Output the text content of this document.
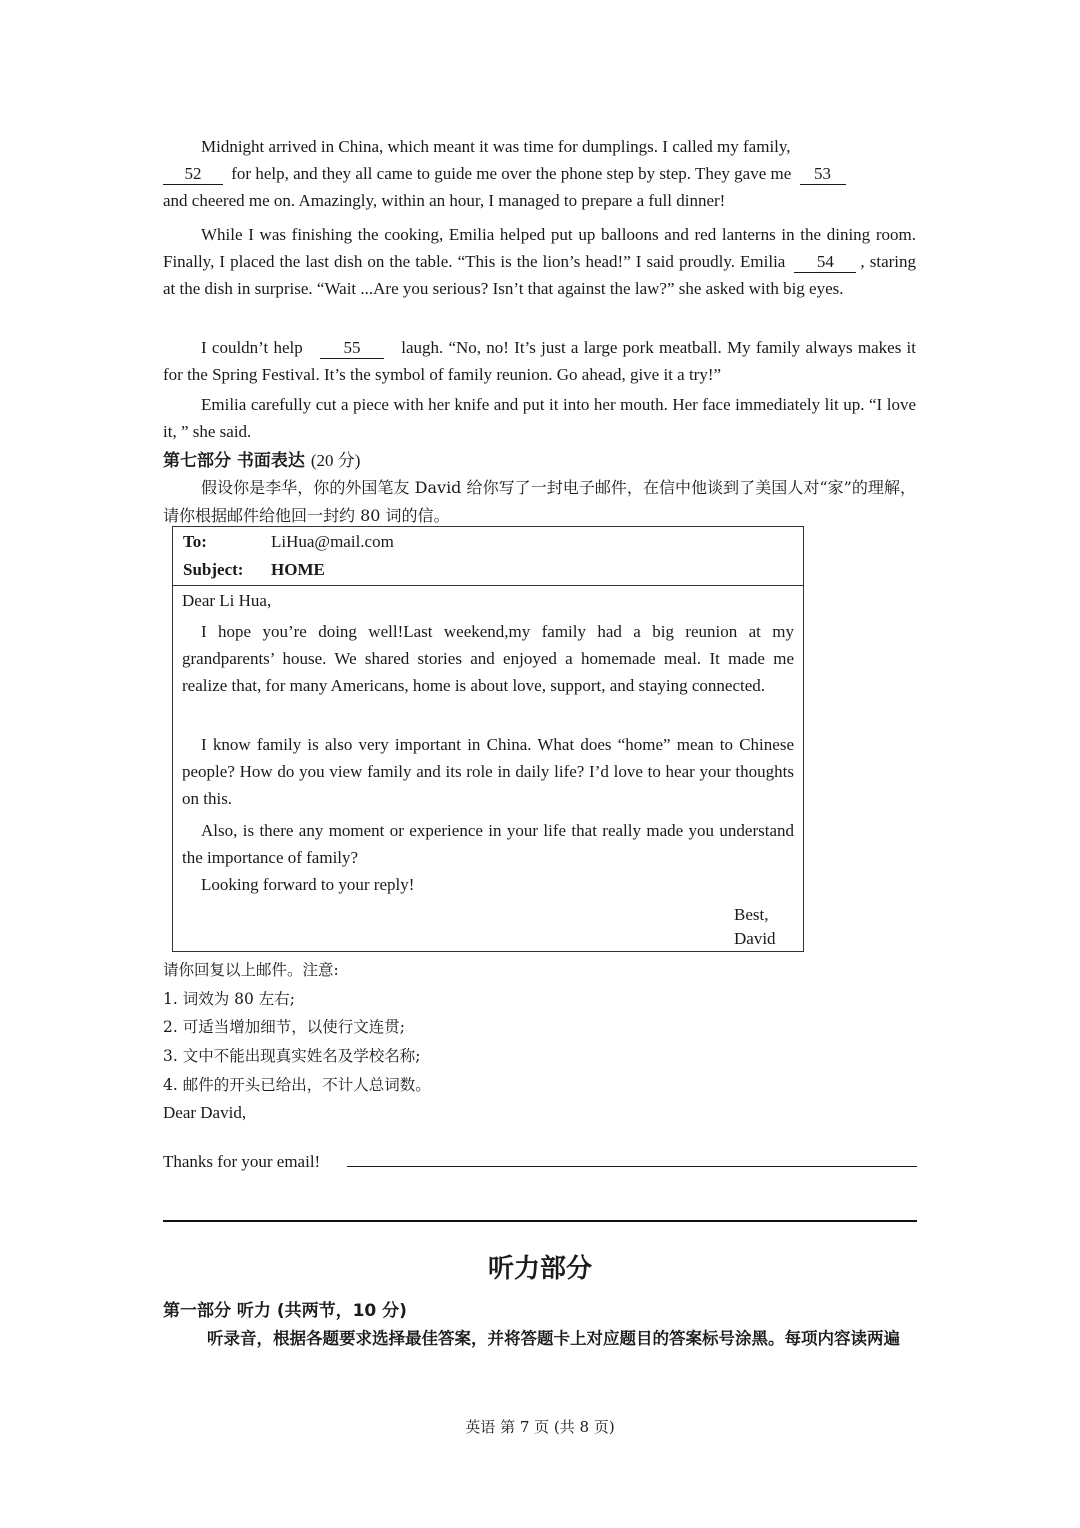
Midnight arrived in China, which meant it was time for dumplings. I called my family,
52 for help, and they all came to guide me over the phone step by step. They gave me 53
and cheered me on. Amazingly, within an hour, I managed to prepare a full dinner!
While I was finishing the cooking, Emilia helped put up balloons and red lanterns in the dining room. Finally, I placed the last dish on the table. “This is the lion’s head!” I said proudly. Emilia 54 , staring at the dish in surprise. “Wait ...Are you serious? Isn’t that against the law?” she asked with big eyes.
I couldn’t help 55 laugh. “No, no! It’s just a large pork meatball. My family always makes it for the Spring Festival. It’s the symbol of family reunion. Go ahead, give it a try!”
Emilia carefully cut a piece with her knife and put it into her mouth. Her face immediately lit up. “I love it, ” she said.
第七部分 书面表达 (20 分)
假设你是李华，你的外国笔友 David 给你写了一封电子邮件，在信中他谈到了美国人对“家”的理解，请你根据邮件给他回一封约 80 词的信。
To:	LiHua@mail.com
Subject: HOME
Dear Li Hua,
I hope you’re doing well!Last weekend,my family had a big reunion at my grandparents’ house. We shared stories and enjoyed a homemade meal. It made me realize that, for many Americans, home is about love, support, and staying connected.
I know family is also very important in China. What does “home” mean to Chinese people? How do you view family and its role in daily life? I’d love to hear your thoughts on this.
Also, is there any moment or experience in your life that really made you understand the importance of family?
Looking forward to your reply!
Best,
David
请你回复以上邮件。注意:
1. 词效为 80 左右;
2. 可适当增加细节，以使行文连贯;
3. 文中不能出现真实姓名及学校名称;
4. 邮件的开头已给出，不计人总词数。
Dear David,
Thanks for your email!
听力部分
第一部分 听力 (共两节，10 分)
听录音，根据各题要求选择最佳答案，并将答题卡上对应题目的答案标号涂黑。每项内容读两遍
英语 第 7 页 (共 8 页)
